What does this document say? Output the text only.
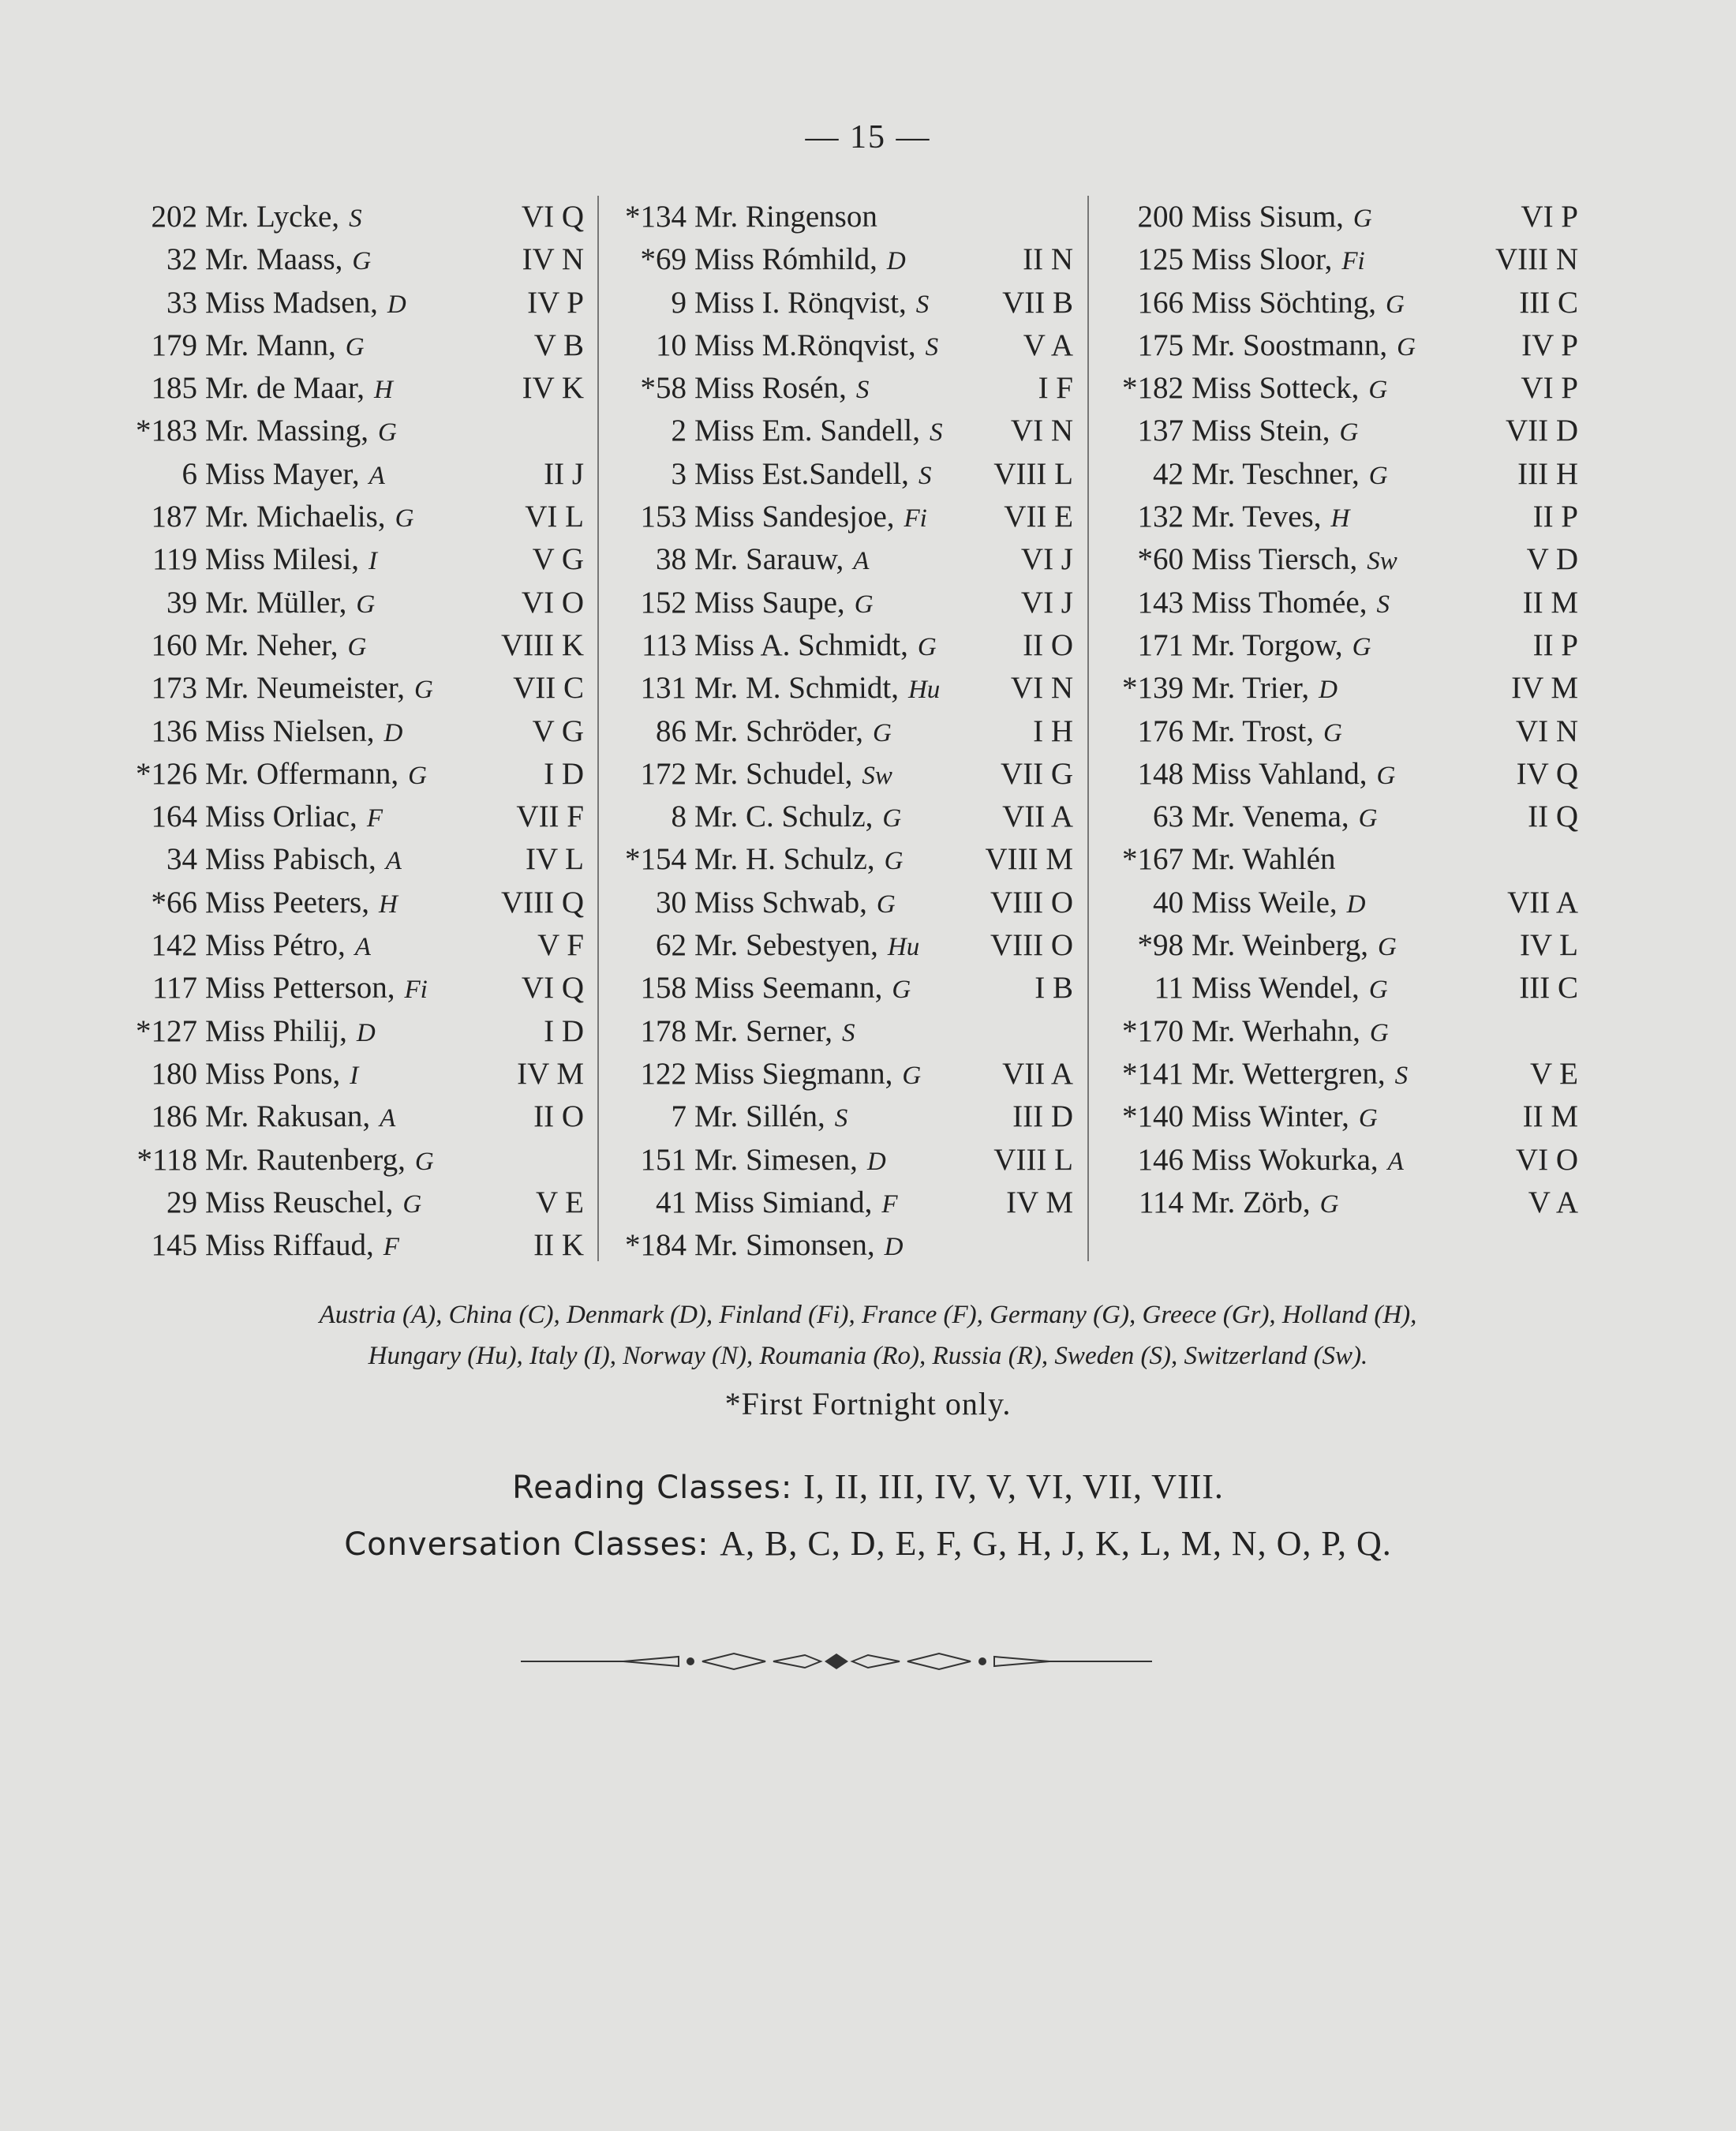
— 15 —
202 Mr. Lycke, S	VI Q
32 Mr. Maass, G	IV N
33 Miss Madsen, D	IV P
179 Mr. Mann, G	V B
185 Mr. de Maar, H	IV K
*183 Mr. Massing, G
6 Miss Mayer, A	II J
187 Mr. Michaelis, G	VI L
119 Miss Milesi, I	V G
39 Mr. Müller, G	VI O
160 Mr. Neher, G	VIII K
173 Mr. Neumeister, G	VII C
136 Miss Nielsen, D	V G
*126 Mr. Offermann, G	I D
164 Miss Orliac, F	VII F
34 Miss Pabisch, A	IV L
*66 Miss Peeters, H	VIII Q
142 Miss Pétro, A	V F
117 Miss Petterson, Fi	VI Q
*127 Miss Philij, D	I D
180 Miss Pons, I	IV M
186 Mr. Rakusan, A	II O
*118 Mr. Rautenberg, G
29 Miss Reuschel, G	V E
145 Miss Riffaud, F	II K
*134 Mr. Ringenson
*69 Miss Rómhild, D	II N
9 Miss I. Rönqvist, S VII B
10 Miss M.Rönqvist, S	V A
*58 Miss Rosén, S	I F
2 Miss Em. Sandell, S VI N
3 Miss Est.Sandell, S VIII L
153 Miss Sandesjoe, Fi VII E
38 Mr. Sarauw, A	VI J
152 Miss Saupe, G	VI J
113 Miss A. Schmidt, G	II O
131 Mr. M. Schmidt, Hu VI N
86 Mr. Schröder, G	I H
172 Mr. Schudel, Sw	VII G
8 Mr. C. Schulz, G	VII A
*154 Mr. H. Schulz, G	VIII M
30 Miss Schwab, G	VIII O
62 Mr. Sebestyen, Hu VIII O
158 Miss Seemann, G	I B
178 Mr. Serner, S
122 Miss Siegmann, G	VII A
7 Mr. Sillén, S	III D
151 Mr. Simesen, D	VIII L
41 Miss Simiand, F	IV M
*184 Mr. Simonsen, D
200 Miss Sisum, G	VI P
125 Miss Sloor, Fi	VIII N
166 Miss Söchting, G	III C
175 Mr. Soostmann, G	IV P
*182 Miss Sotteck, G	VI P
137 Miss Stein, G	VII D
42 Mr. Teschner, G	III H
132 Mr. Teves, H	II P
*60 Miss Tiersch, Sw	V D
143 Miss Thomée, S	II M
171 Mr. Torgow, G	II P
*139 Mr. Trier, D	IV M
176 Mr. Trost, G	VI N
148 Miss Vahland, G	IV Q
63 Mr. Venema, G	II Q
*167 Mr. Wahlén
40 Miss Weile, D	VII A
*98 Mr. Weinberg, G	IV L
11 Miss Wendel, G	III C
*170 Mr. Werhahn, G
*141 Mr. Wettergren, S	V E
*140 Miss Winter, G	II M
146 Miss Wokurka, A	VI O
114 Mr. Zörb, G	V A
Austria (A), China (C), Denmark (D), Finland (Fi), France (F), Germany (G), Greece (Gr), Holland (H),
Hungary (Hu), Italy (I), Norway (N), Roumania (Ro), Russia (R), Sweden (S), Switzerland (Sw).
*First Fortnight only.
Reading Classes: I, II, III, IV, V, VI, VII, VIII.
Conversation Classes: A, B, C, D, E, F, G, H, J, K, L, M, N, O, P, Q.
